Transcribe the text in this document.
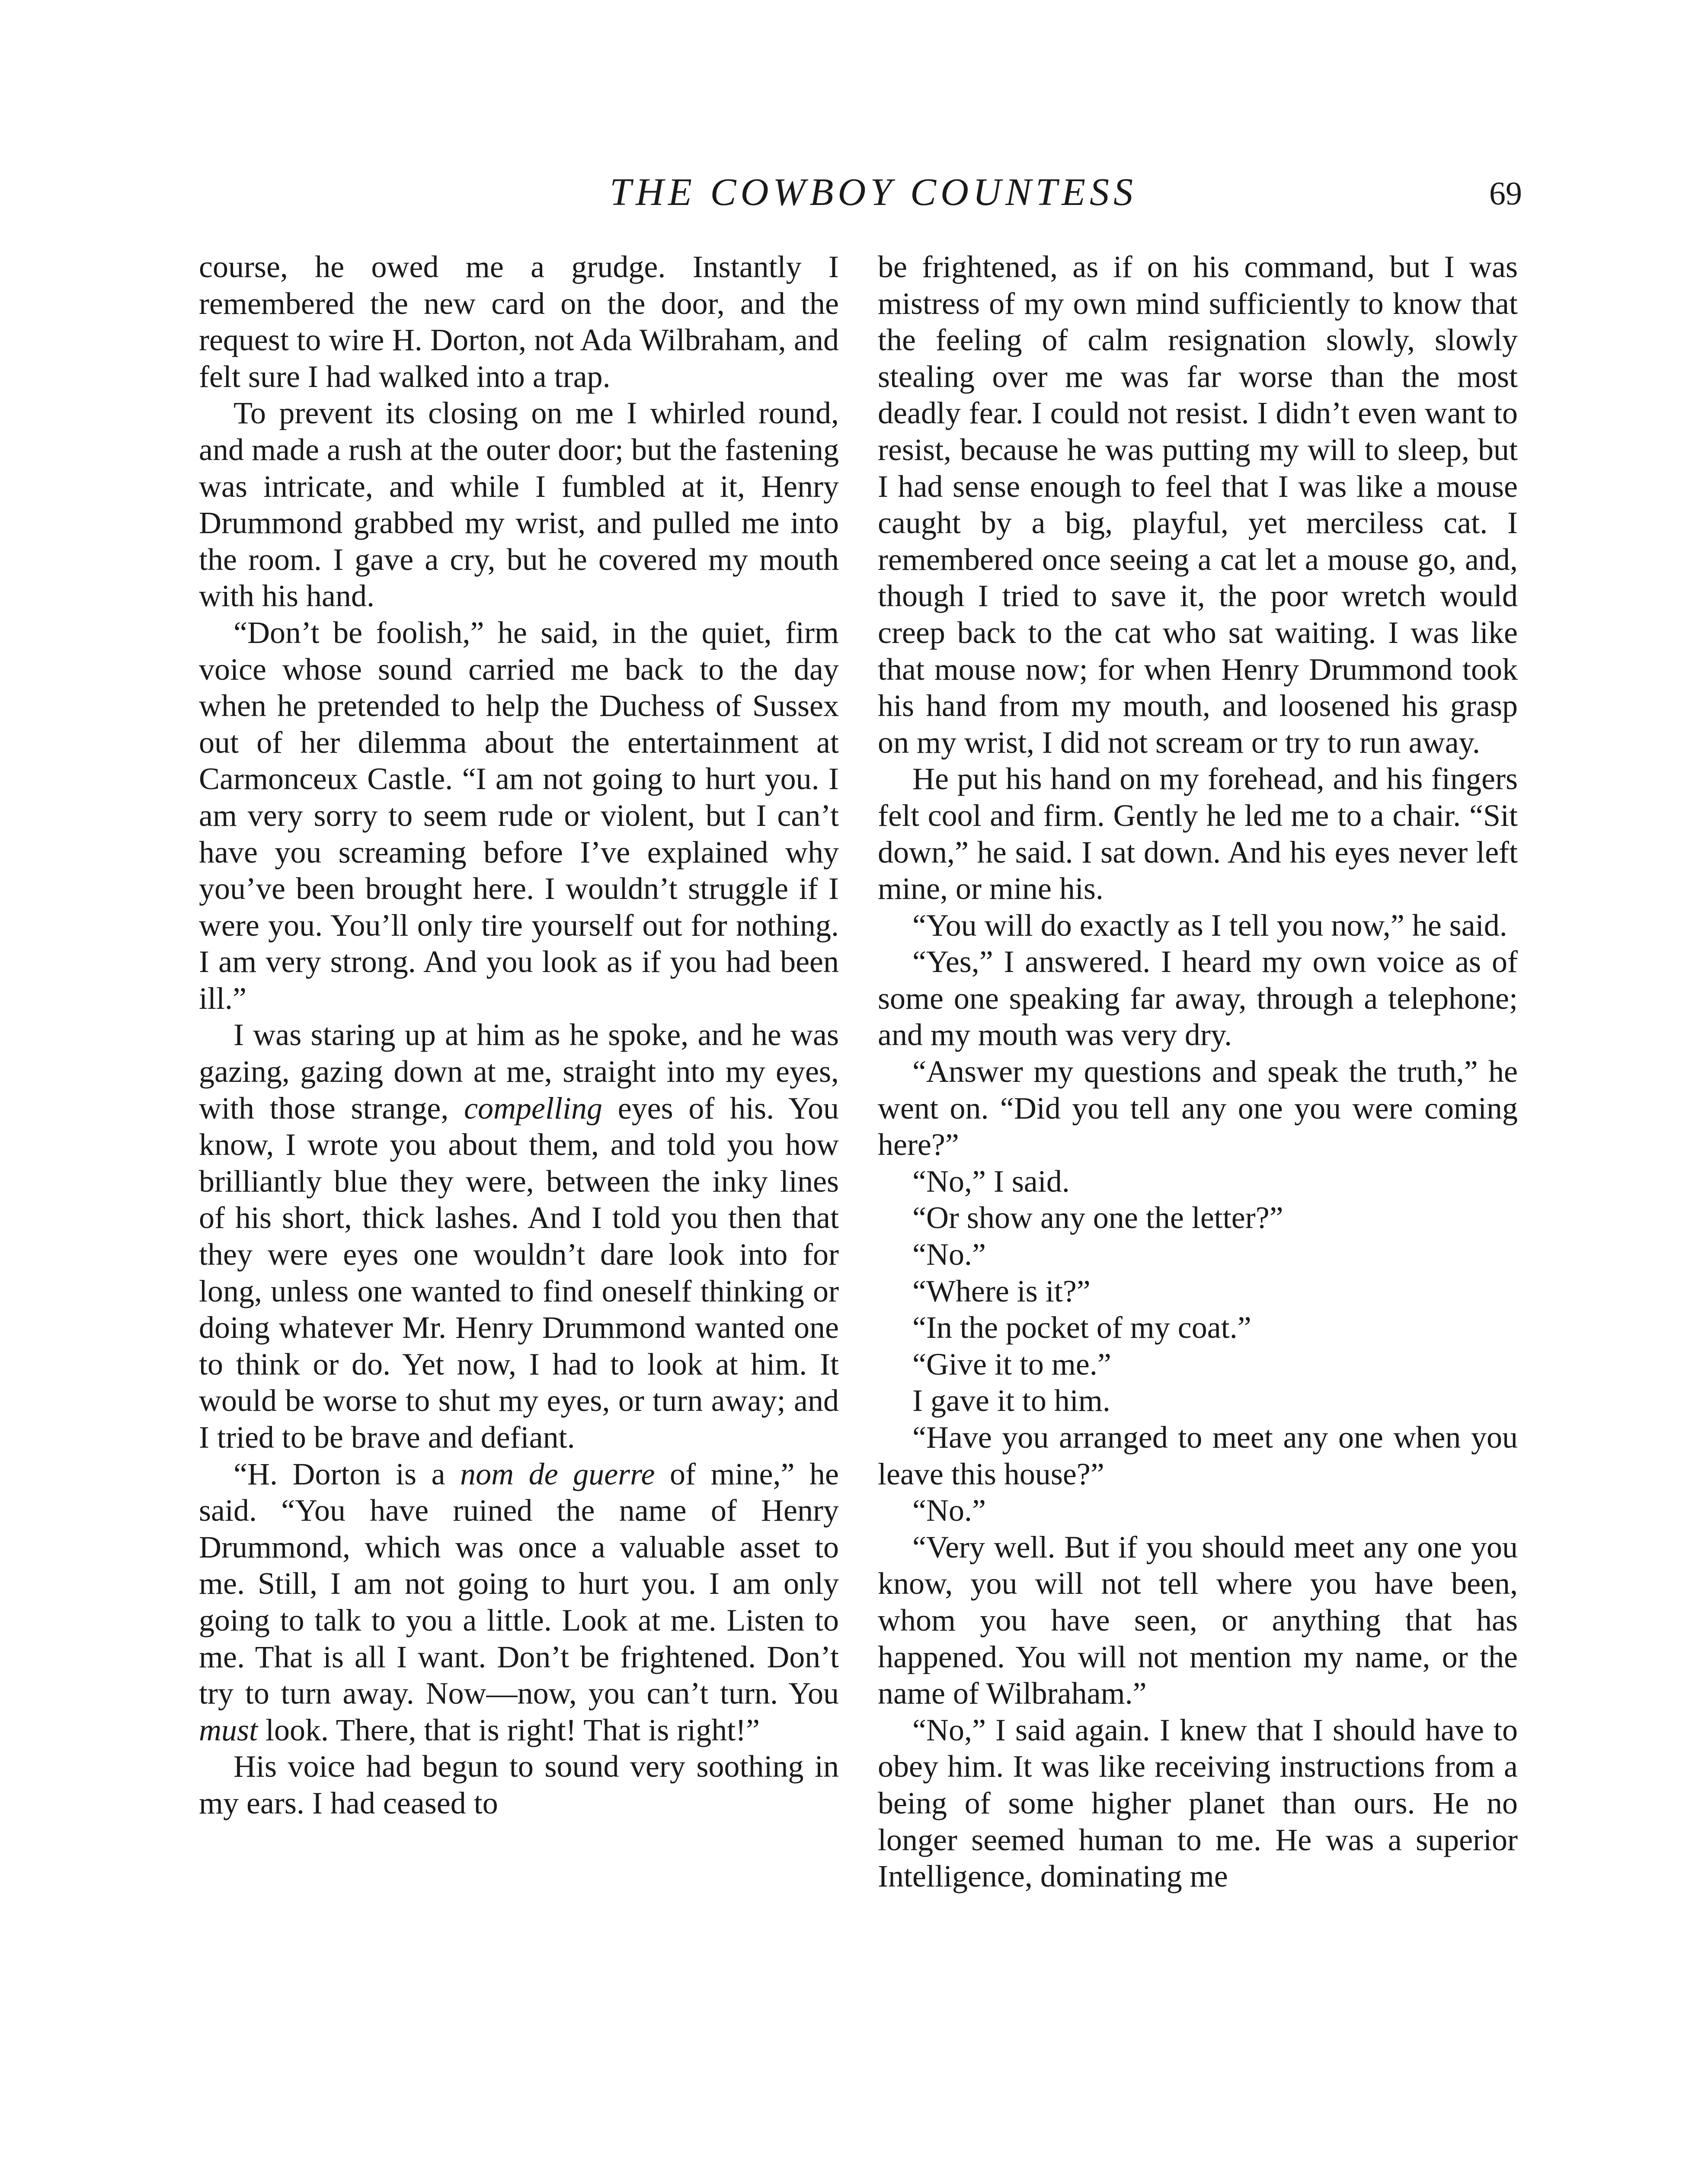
THE COWBOY COUNTESS	69

course, he owed me a grudge. Instantly I remembered the new card on the door, and the request to wire H. Dorton, not Ada Wilbraham, and felt sure I had walked into a trap.

To prevent its closing on me I whirled round, and made a rush at the outer door; but the fastening was intricate, and while I fumbled at it, Henry Drummond grabbed my wrist, and pulled me into the room. I gave a cry, but he covered my mouth with his hand.

“Don’t be foolish,” he said, in the quiet, firm voice whose sound carried me back to the day when he pretended to help the Duchess of Sussex out of her dilemma about the entertainment at Carmonceux Castle. “I am not going to hurt you. I am very sorry to seem rude or violent, but I can’t have you screaming before I’ve explained why you’ve been brought here. I wouldn’t struggle if I were you. You’ll only tire yourself out for nothing. I am very strong. And you look as if you had been ill.”

I was staring up at him as he spoke, and he was gazing, gazing down at me, straight into my eyes, with those strange, compelling eyes of his. You know, I wrote you about them, and told you how brilliantly blue they were, between the inky lines of his short, thick lashes. And I told you then that they were eyes one wouldn’t dare look into for long, unless one wanted to find oneself thinking or doing whatever Mr. Henry Drummond wanted one to think or do. Yet now, I had to look at him. It would be worse to shut my eyes, or turn away; and I tried to be brave and defiant.

“H. Dorton is a nom de guerre of mine,” he said. “You have ruined the name of Henry Drummond, which was once a valuable asset to me. Still, I am not going to hurt you. I am only going to talk to you a little. Look at me. Listen to me. That is all I want. Don’t be frightened. Don’t try to turn away. Now—now, you can’t turn. You must look. There, that is right! That is right!”

His voice had begun to sound very soothing in my ears. I had ceased to

be frightened, as if on his command, but I was mistress of my own mind sufficiently to know that the feeling of calm resignation slowly, slowly stealing over me was far worse than the most deadly fear. I could not resist. I didn’t even want to resist, because he was putting my will to sleep, but I had sense enough to feel that I was like a mouse caught by a big, playful, yet merciless cat. I remembered once seeing a cat let a mouse go, and, though I tried to save it, the poor wretch would creep back to the cat who sat waiting. I was like that mouse now; for when Henry Drummond took his hand from my mouth, and loosened his grasp on my wrist, I did not scream or try to run away.

He put his hand on my forehead, and his fingers felt cool and firm. Gently he led me to a chair. “Sit down,” he said. I sat down. And his eyes never left mine, or mine his.

“You will do exactly as I tell you now,” he said.

“Yes,” I answered. I heard my own voice as of some one speaking far away, through a telephone; and my mouth was very dry.

“Answer my questions and speak the truth,” he went on. “Did you tell any one you were coming here?”

“No,” I said.

“Or show any one the letter?”

“No.”

“Where is it?”

“In the pocket of my coat.”

“Give it to me.”

I gave it to him.

“Have you arranged to meet any one when you leave this house?”

“No.”

“Very well. But if you should meet any one you know, you will not tell where you have been, whom you have seen, or anything that has happened. You will not mention my name, or the name of Wilbraham.”

“No,” I said again. I knew that I should have to obey him. It was like receiving instructions from a being of some higher planet than ours. He no longer seemed human to me. He was a superior Intelligence, dominating me
